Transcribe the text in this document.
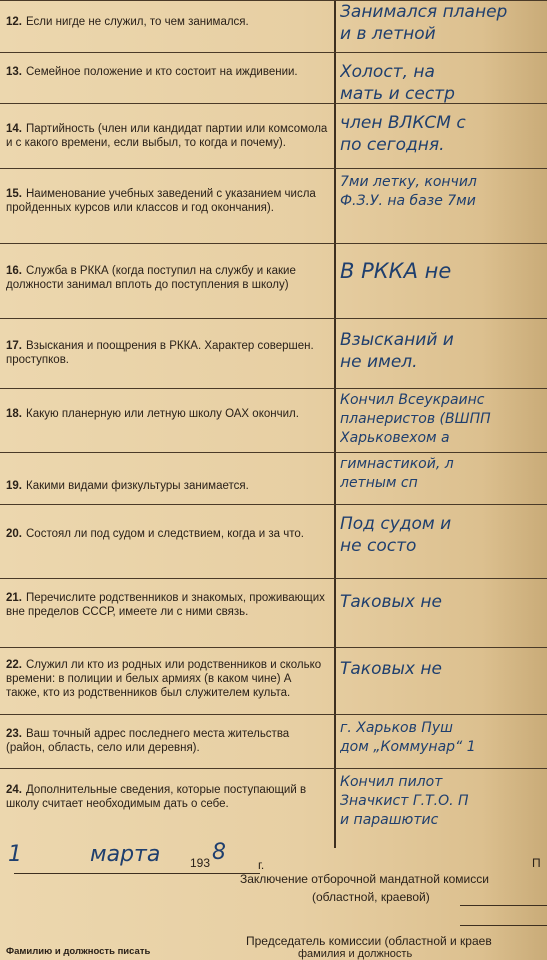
12. Если нигде не служил, то чем занимался.	Занимался планер
и в летной
13. Семейное положение и кто состоит на иждивении.	Холост, на
мать и сестр
14. Партийность (член или кандидат партии или комсомола и с какого времени, если выбыл, то когда и почему).
член ВЛКСМ с
по сегодня.
15. Наименование учебных заведений с указанием числа пройденных курсов или классов и год окончания).
7ми летку, кончил
Ф.З.У. на базе 7ми
16. Служба в РККА (когда поступил на службу и какие должности занимал вплоть до поступления в школу)
В РККА не
17. Взыскания и поощрения в РККА. Характер совершен. проступков.
Взысканий и
не имел.
18. Какую планерную или летную школу ОАХ окончил.
Кончил Всеукраинс
планеристов (ВШПП
Харьковехом а
19. Какими видами физкультуры занимается.
гимнастикой, л
летным сп
20. Состоял ли под судом и следствием, когда и за что.	Под судом и
не состо
21. Перечислите родственников и знакомых, проживающих вне пределов СССР, имеете ли с ними связь.	Таковых не
22. Служил ли кто из родных или родственников и сколько времени: в полиции и белых армиях (в каком чине) А также, кто из родственников был служителем культа.
Таковых не
23. Ваш точный адрес последнего места жительства (район, область, село или деревня).
г. Харьков Пуш
дом „Коммунар“ 1
24. Дополнительные сведения, которые поступающий в школу считает необходимым дать о себе.
Кончил пилот
Значкист Г.Т.О. П
и парашютис
1	марта 193 8	г.	П
Заключение отборочной мандатной комисси
(областной, краевой)
Председатель комиссии (областной и краев
фамилия и должность
Фамилию и должность писать
